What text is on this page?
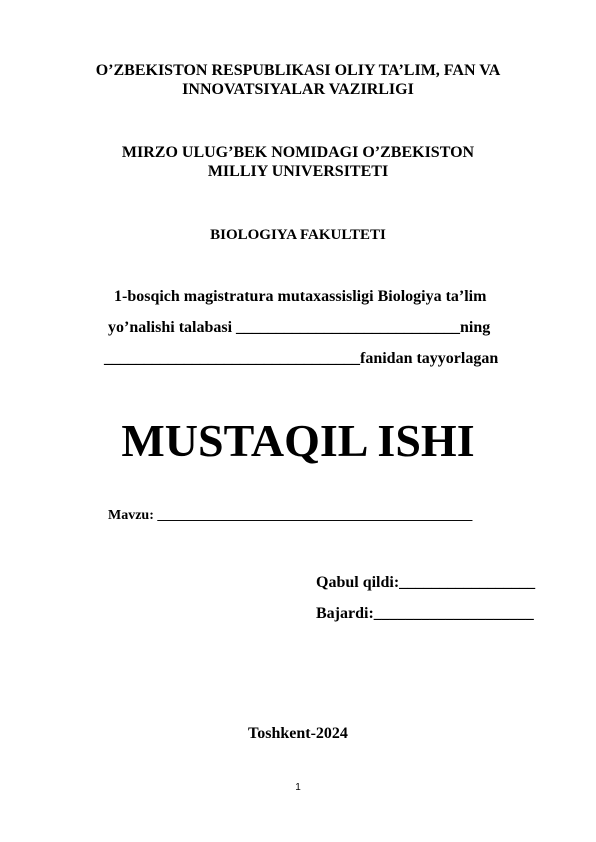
O’ZBEKISTON RESPUBLIKASI OLIY TA’LIM, FAN VA
INNOVATSIYALAR VAZIRLIGI
MIRZO ULUG’BEK NOMIDAGI O’ZBEKISTON
MILLIY UNIVERSITETI
BIOLOGIYA FAKULTETI
1-bosqich magistratura mutaxassisligi Biologiya ta’lim
yo’nalishi talabasi ____________________________ning
________________________________fanidan tayyorlagan
MUSTAQIL ISHI
Mavzu: _____________________________________________
Qabul qildi:_________________
Bajardi:____________________
Toshkent-2024
1
